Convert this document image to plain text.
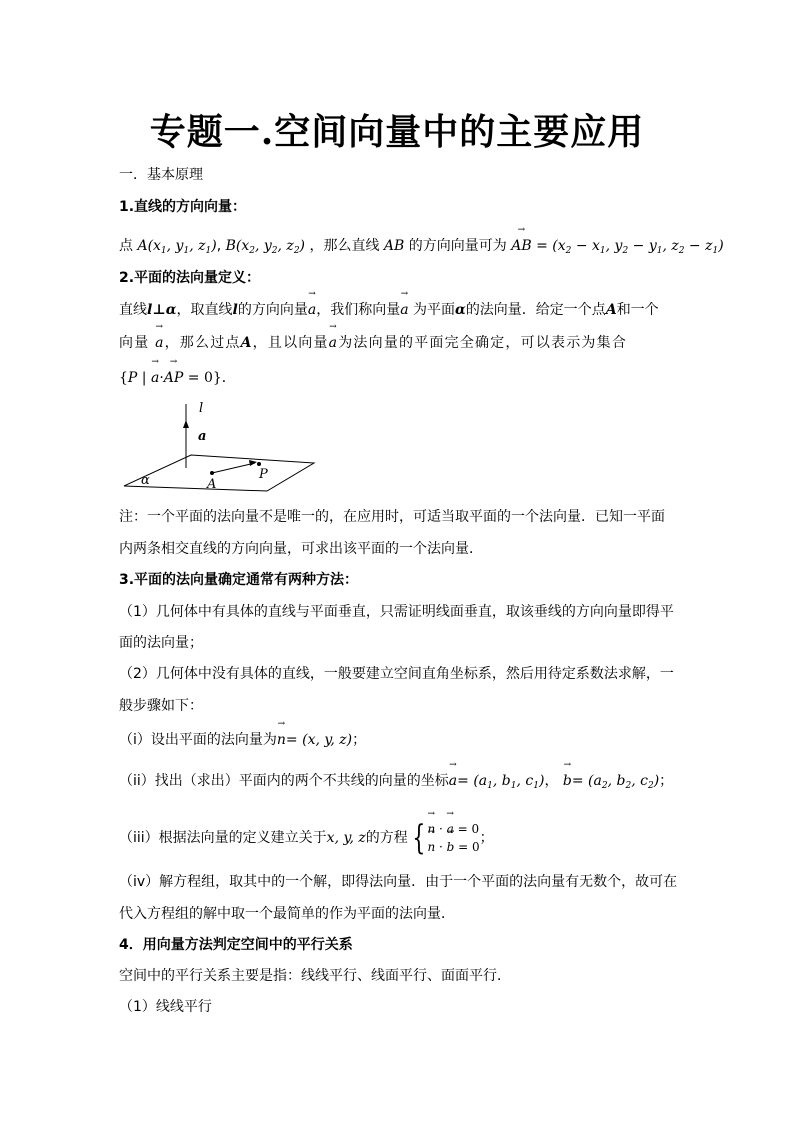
专题一.空间向量中的主要应用
一．基本原理
1.直线的方向向量：
点 $A(x_1$, $y_1$, $z_1$), $B(x_2$, $y_2$, $z_2$) ，那么直线 AB 的方向向量可为 → AB = ($x_2 - x_1$, $y_2 - y_1$, $z_2 - z_1$)
2.平面的法向量定义：
直线l⊥α，取直线l的方向向量→ a，我们称向量→ a 为平面α的法向量．给定一个点A和一个
向量 → a，那么过点A，且以向量→ a为法向量的平面完全确定，可以表示为集合
{P | → a·→ AP = 0}．
l
a
α	A
P
注：一个平面的法向量不是唯一的，在应用时，可适当取平面的一个法向量．已知一平面
内两条相交直线的方向向量，可求出该平面的一个法向量．
3.平面的法向量确定通常有两种方法：
（1）几何体中有具体的直线与平面垂直，只需证明线面垂直，取该垂线的方向向量即得平
面的法向量；
（2）几何体中没有具体的直线，一般要建立空间直角坐标系，然后用待定系数法求解，一
般步骤如下：
（i）设出平面的法向量为→ n= (x, y, z)；
（ii）找出（求出）平面内的两个不共线的向量的坐标→ $a= (a_1$, $b_1$, $c_1$)， → $b= (a_2$, $b_2$, $c_2$)；
（iii）根据法向量的定义建立关于x, y, z的方程 { → n · → a = 0
→ n · → b = 0；
（iv）解方程组，取其中的一个解，即得法向量．由于一个平面的法向量有无数个，故可在
代入方程组的解中取一个最简单的作为平面的法向量．
4．用向量方法判定空间中的平行关系
空间中的平行关系主要是指：线线平行、线面平行、面面平行．
（1）线线平行
